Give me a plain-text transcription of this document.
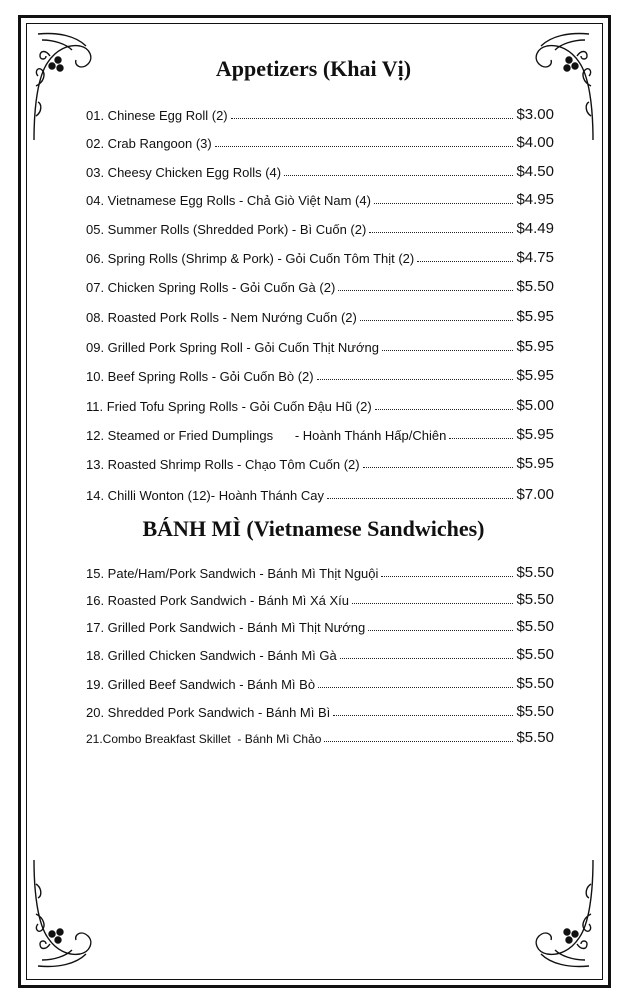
Appetizers (Khai Vị)
01. Chinese Egg Roll (2)	$3.00
02. Crab Rangoon (3)	$4.00
03. Cheesy Chicken Egg Rolls (4)	$4.50
04. Vietnamese Egg Rolls - Chả Giò Việt Nam (4)	$4.95
05. Summer Rolls (Shredded Pork) - Bì Cuốn (2)	$4.49
06. Spring Rolls (Shrimp & Pork) - Gỏi Cuốn Tôm Thịt (2)	$4.75
07. Chicken Spring Rolls - Gỏi Cuốn Gà (2)	$5.50
08. Roasted Pork Rolls - Nem Nướng Cuốn (2)	$5.95
09. Grilled Pork Spring Roll - Gỏi Cuốn Thịt Nướng	$5.95
10. Beef Spring Rolls - Gỏi Cuốn Bò (2)	$5.95
11. Fried Tofu Spring Rolls - Gỏi Cuốn Đậu Hũ (2)	$5.00
12. Steamed or Fried Dumplings      - Hoành Thánh Hấp/Chiên	$5.95
13. Roasted Shrimp Rolls - Chạo Tôm Cuốn (2)	$5.95
14. Chilli Wonton (12)- Hoành Thánh Cay	$7.00
BÁNH MÌ (Vietnamese Sandwiches)
15. Pate/Ham/Pork Sandwich - Bánh Mì Thịt Nguội	$5.50
16. Roasted Pork Sandwich - Bánh Mì Xá Xíu	$5.50
17. Grilled Pork Sandwich - Bánh Mì Thịt Nướng	$5.50
18. Grilled Chicken Sandwich - Bánh Mì Gà	$5.50
19. Grilled Beef Sandwich - Bánh Mì Bò	$5.50
20. Shredded Pork Sandwich - Bánh Mì Bì	$5.50
21.Combo Breakfast Skillet  - Bánh Mì Chảo	$5.50
